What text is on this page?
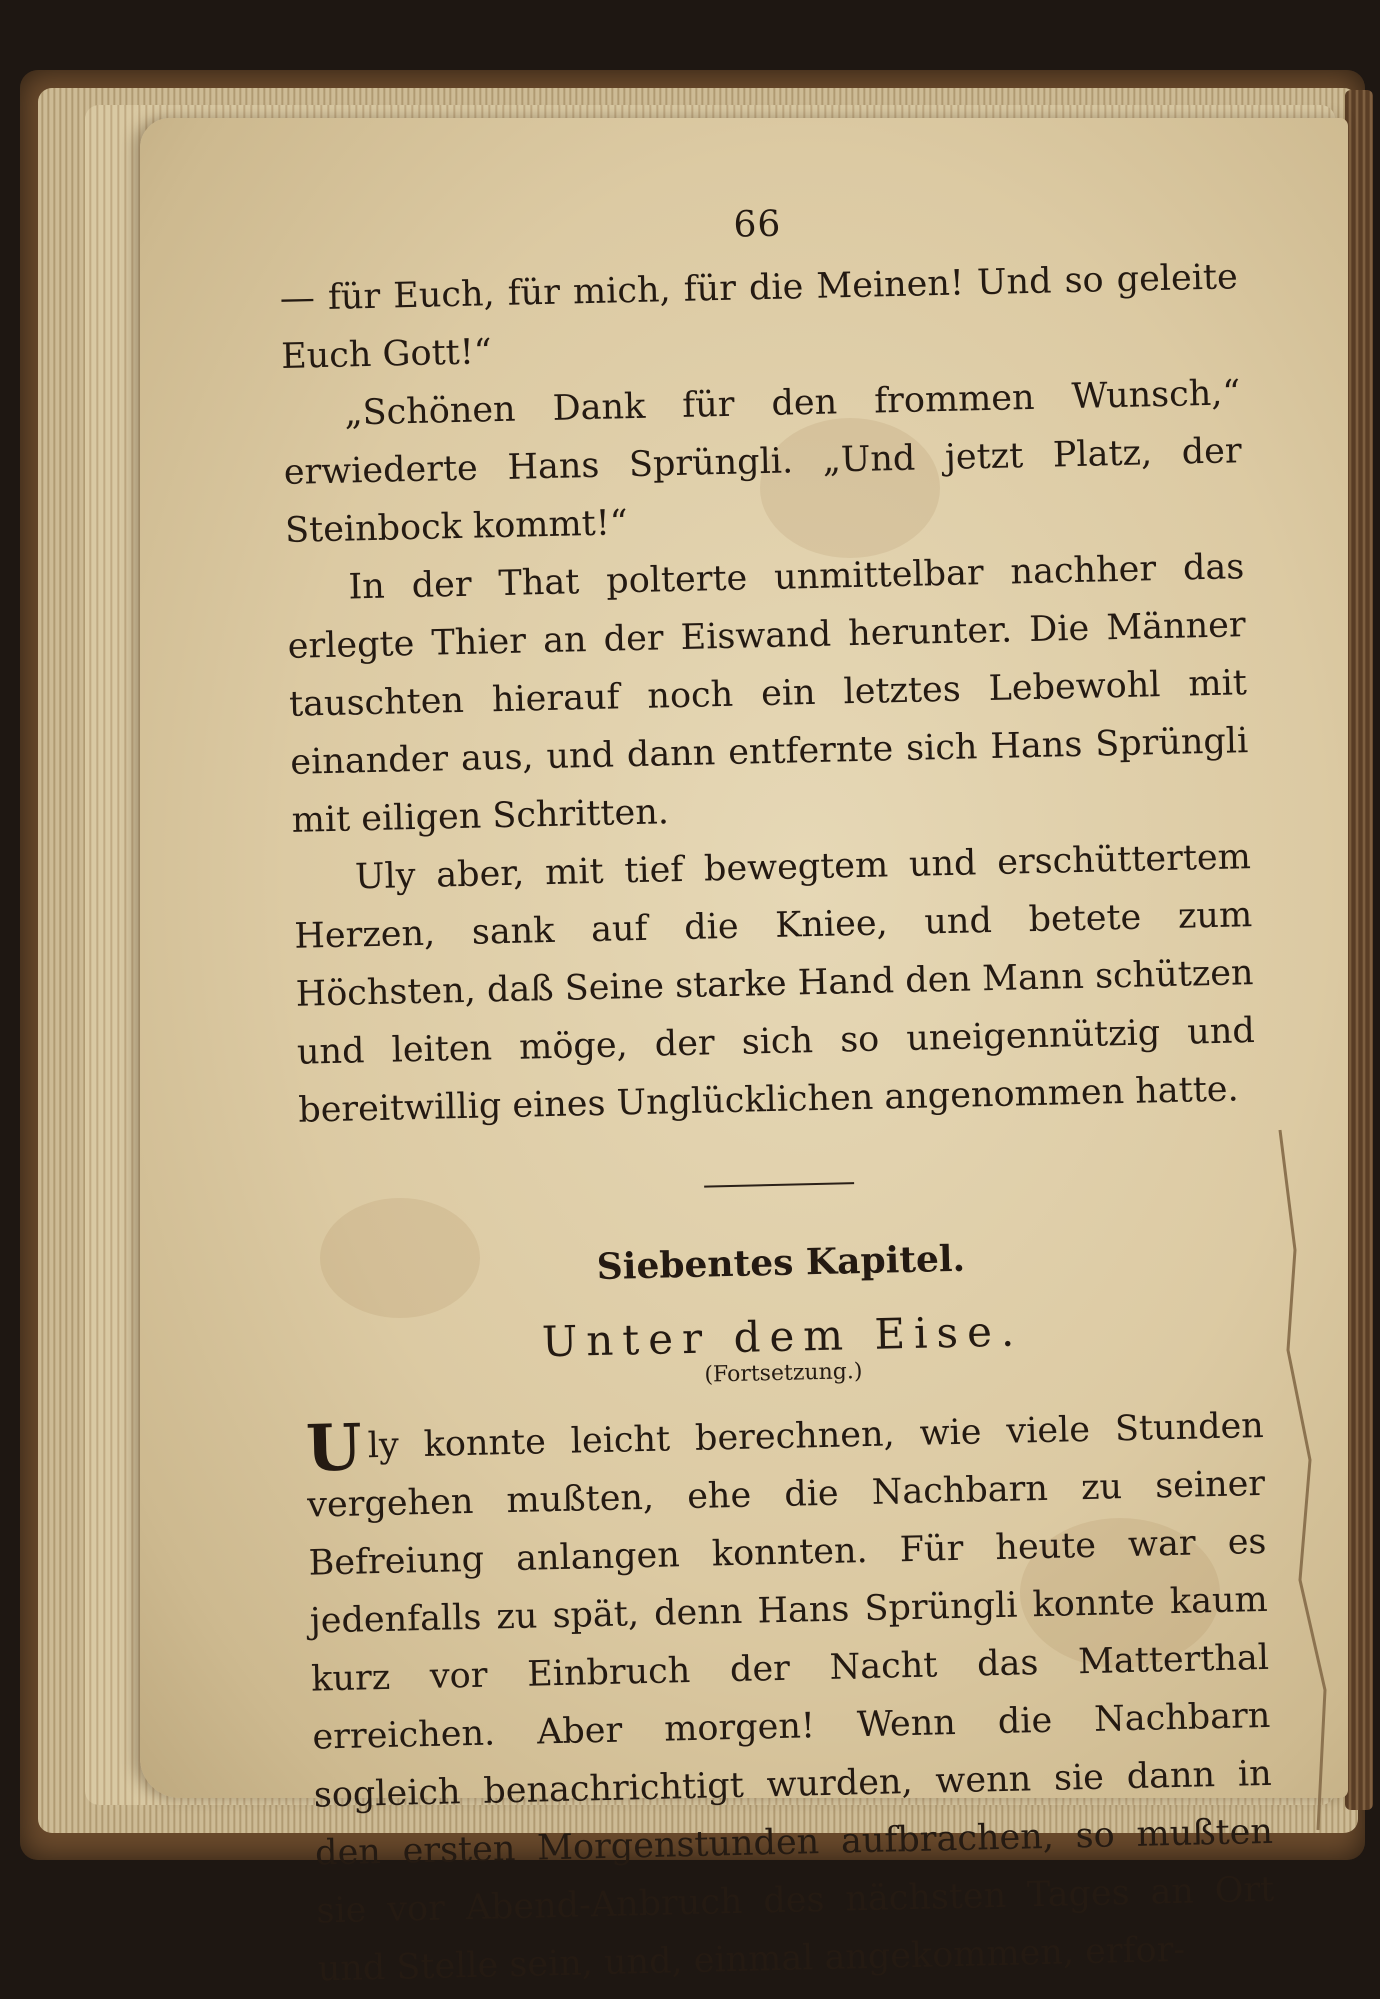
66

— für Euch, für mich, für die Meinen! Und so geleite Euch Gott!“

„Schönen Dank für den frommen Wunsch,“ erwiederte Hans Sprüngli. „Und jetzt Platz, der Steinbock kommt!“

In der That polterte unmittelbar nachher das erlegte Thier an der Eiswand herunter. Die Männer tauschten hierauf noch ein letztes Lebewohl mit einander aus, und dann entfernte sich Hans Sprüngli mit eiligen Schritten.

Uly aber, mit tief bewegtem und erschüttertem Herzen, sank auf die Kniee, und betete zum Höchsten, daß Seine starke Hand den Mann schützen und leiten möge, der sich so uneigennützig und bereitwillig eines Unglücklichen angenommen hatte.

Siebentes Kapitel.
Unter dem Eise.
(Fortsetzung.)

Uly konnte leicht berechnen, wie viele Stunden vergehen mußten, ehe die Nachbarn zu seiner Befreiung anlangen konnten. Für heute war es jedenfalls zu spät, denn Hans Sprüngli konnte kaum kurz vor Einbruch der Nacht das Matterthal erreichen. Aber morgen! Wenn die Nachbarn sogleich benachrichtigt wurden, wenn sie dann in den ersten Morgenstunden aufbrachen, so mußten sie vor Abend-Anbruch des nächsten Tages an Ort und Stelle sein, und, einmal angekommen, erfor-
